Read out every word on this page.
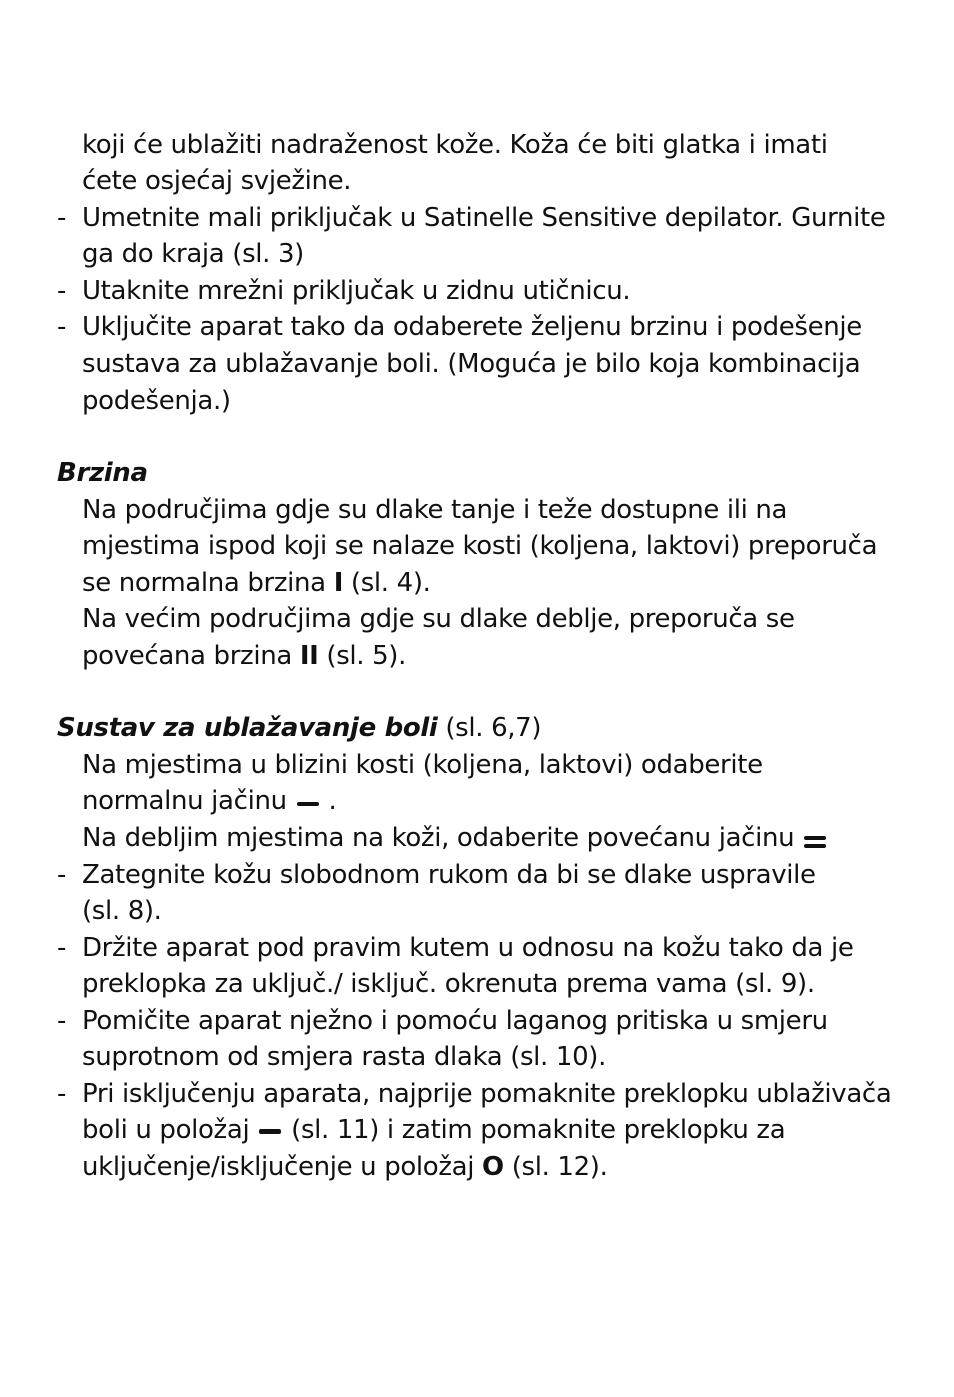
koji će ublažiti nadraženost kože. Koža će biti glatka i imati
ćete osjećaj svježine.
- Umetnite mali priključak u Satinelle Sensitive depilator. Gurnite
ga do kraja (sl. 3)
- Utaknite mrežni priključak u zidnu utičnicu.
- Uključite aparat tako da odaberete željenu brzinu i podešenje
sustava za ublažavanje boli. (Moguća je bilo koja kombinacija
podešenja.)
Brzina
Na područjima gdje su dlake tanje i teže dostupne ili na
mjestima ispod koji se nalaze kosti (koljena, laktovi) preporuča
se normalna brzina I (sl. 4).
Na većim područjima gdje su dlake deblje, preporuča se
povećana brzina II (sl. 5).
Sustav za ublažavanje boli (sl. 6,7)
Na mjestima u blizini kosti (koljena, laktovi) odaberite
normalnu jačinu
.
Na debljim mjestima na koži, odaberite povećanu jačinu
- Zategnite kožu slobodnom rukom da bi se dlake uspravile
(sl. 8).
- Držite aparat pod pravim kutem u odnosu na kožu tako da je
preklopka za uključ./ isključ. okrenuta prema vama (sl. 9).
- Pomičite aparat nježno i pomoću laganog pritiska u smjeru
suprotnom od smjera rasta dlaka (sl. 10).
- Pri isključenju aparata, najprije pomaknite preklopku ublaživača
boli u položaj
(sl. 11) i zatim pomaknite preklopku za
uključenje/isključenje u položaj O (sl. 12).
